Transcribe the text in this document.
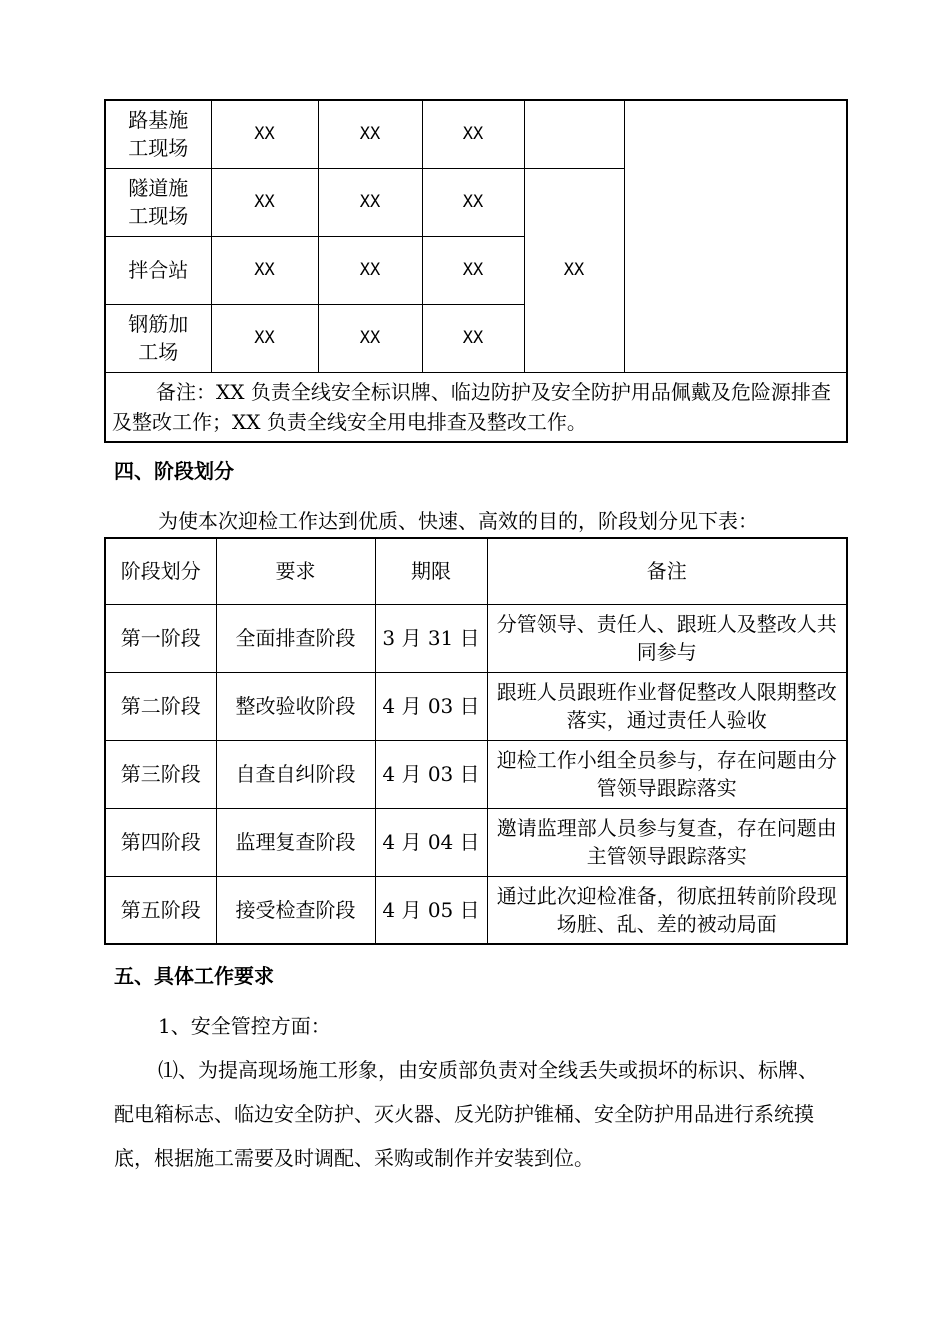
路基施工现场	XX	XX	XX		
隧道施工现场	XX	XX	XX	XX	
拌合站	XX	XX	XX		
钢筋加工场	XX	XX	XX		
备注：XX 负责全线安全标识牌、临边防护及安全防护用品佩戴及危险源排查及整改工作；XX 负责全线安全用电排查及整改工作。					
四、阶段划分
为使本次迎检工作达到优质、快速、高效的目的，阶段划分见下表：
阶段划分	要求	期限	备注
第一阶段	全面排查阶段	3 月 31 日	分管领导、责任人、跟班人及整改人共同参与
第二阶段	整改验收阶段	4 月 03 日	跟班人员跟班作业督促整改人限期整改落实，通过责任人验收
第三阶段	自查自纠阶段	4 月 03 日	迎检工作小组全员参与，存在问题由分管领导跟踪落实
第四阶段	监理复查阶段	4 月 04 日	邀请监理部人员参与复查，存在问题由主管领导跟踪落实
第五阶段	接受检查阶段	4 月 05 日	通过此次迎检准备，彻底扭转前阶段现场脏、乱、差的被动局面
五、具体工作要求
1、安全管控方面：
⑴、为提高现场施工形象，由安质部负责对全线丢失或损坏的标识、标牌、配电箱标志、临边安全防护、灭火器、反光防护锥桶、安全防护用品进行系统摸底，根据施工需要及时调配、采购或制作并安装到位。
